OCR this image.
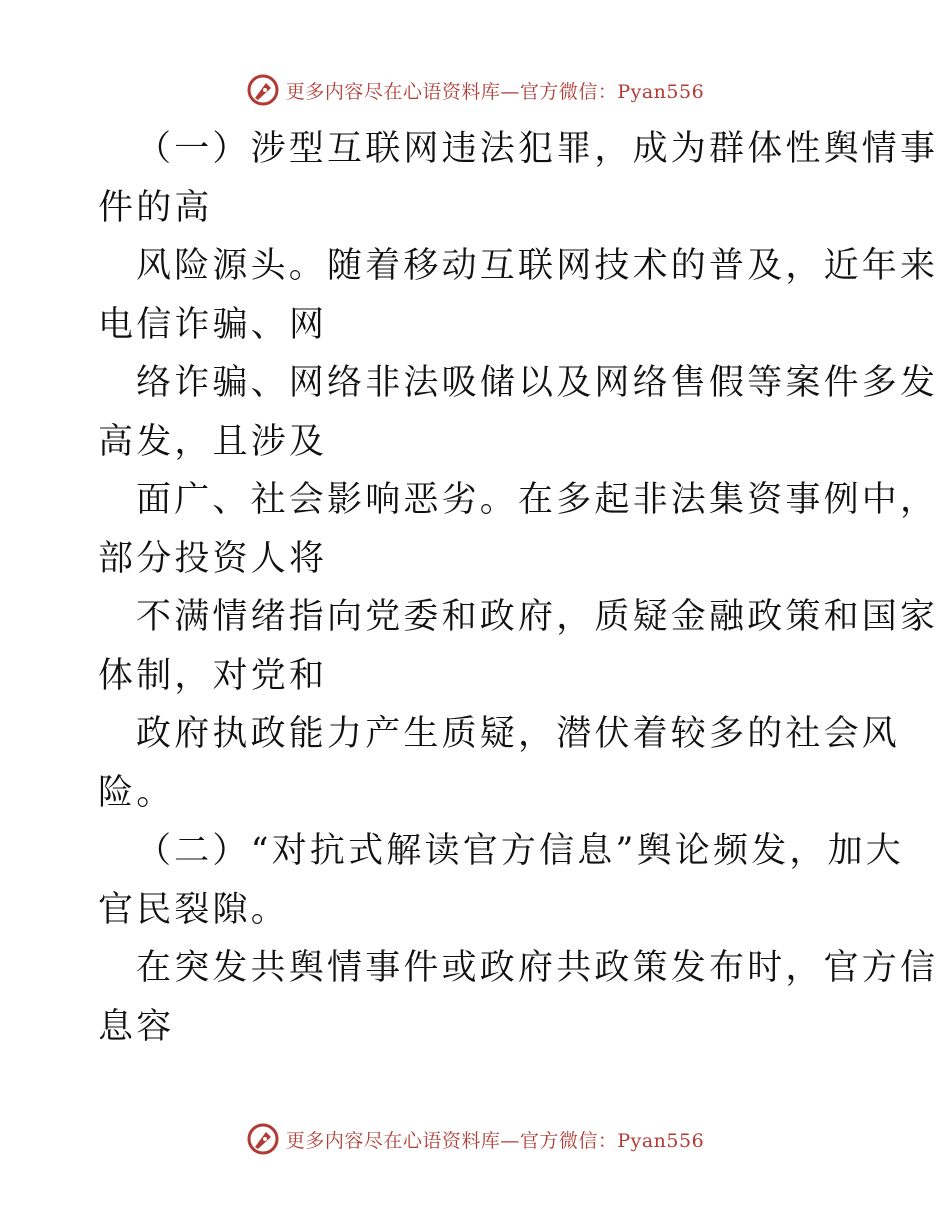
更多内容尽在心语资料库—官方微信：Pyan556

（一）涉型互联网违法犯罪，成为群体性舆情事
件的高

风险源头。随着移动互联网技术的普及，近年来
电信诈骗、网

络诈骗、网络非法吸储以及网络售假等案件多发
高发，且涉及

面广、社会影响恶劣。在多起非法集资事例中，
部分投资人将

不满情绪指向党委和政府，质疑金融政策和国家
体制，对党和

政府执政能力产生质疑，潜伏着较多的社会风
险。

（二）“对抗式解读官方信息”舆论频发，加大
官民裂隙。

在突发共舆情事件或政府共政策发布时，官方信
息容

更多内容尽在心语资料库—官方微信：Pyan556
